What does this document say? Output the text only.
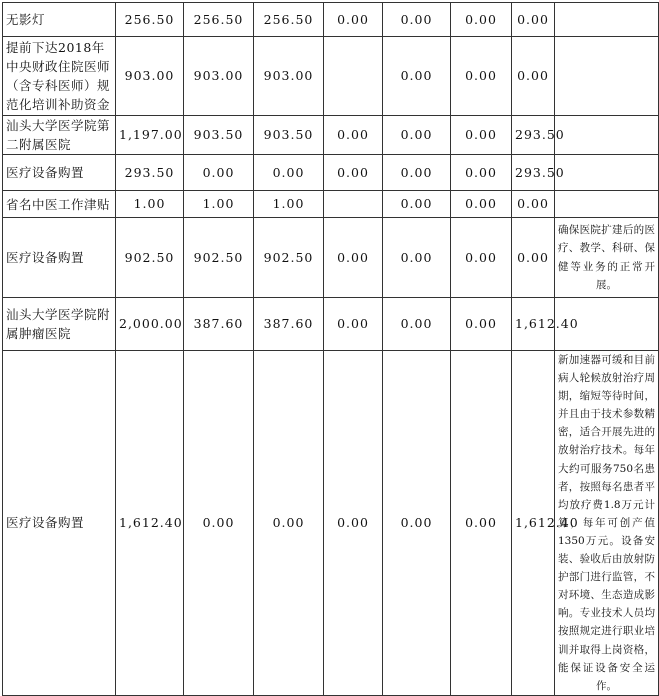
无影灯	256.50	256.50	256.50	0.00	0.00	0.00	0.00	
提前下达2018年中央财政住院医师（含专科医师）规范化培训补助资金	903.00	903.00	903.00		0.00	0.00	0.00	
汕头大学医学院第二附属医院	1,197.00	903.50	903.50	0.00	0.00	0.00	293.50	
医疗设备购置	293.50	0.00	0.00	0.00	0.00	0.00	293.50	
省名中医工作津贴	1.00	1.00	1.00		0.00	0.00	0.00	
医疗设备购置	902.50	902.50	902.50	0.00	0.00	0.00	0.00	确保医院扩建后的医疗、教学、科研、保健等业务的正常开展。
汕头大学医学院附属肿瘤医院	2,000.00	387.60	387.60	0.00	0.00	0.00	1,612.40	
医疗设备购置	1,612.40	0.00	0.00	0.00	0.00	0.00	1,612.40	新加速器可缓和目前病人轮候放射治疗周期，缩短等待时间，并且由于技术参数精密，适合开展先进的放射治疗技术。每年大约可服务750名患者，按照每名患者平均放疗费1.8万元计算，每年可创产值1350万元。设备安装、验收后由放射防护部门进行监管，不对环境、生态造成影响。专业技术人员均按照规定进行职业培训并取得上岗资格，能保证设备安全运作。
